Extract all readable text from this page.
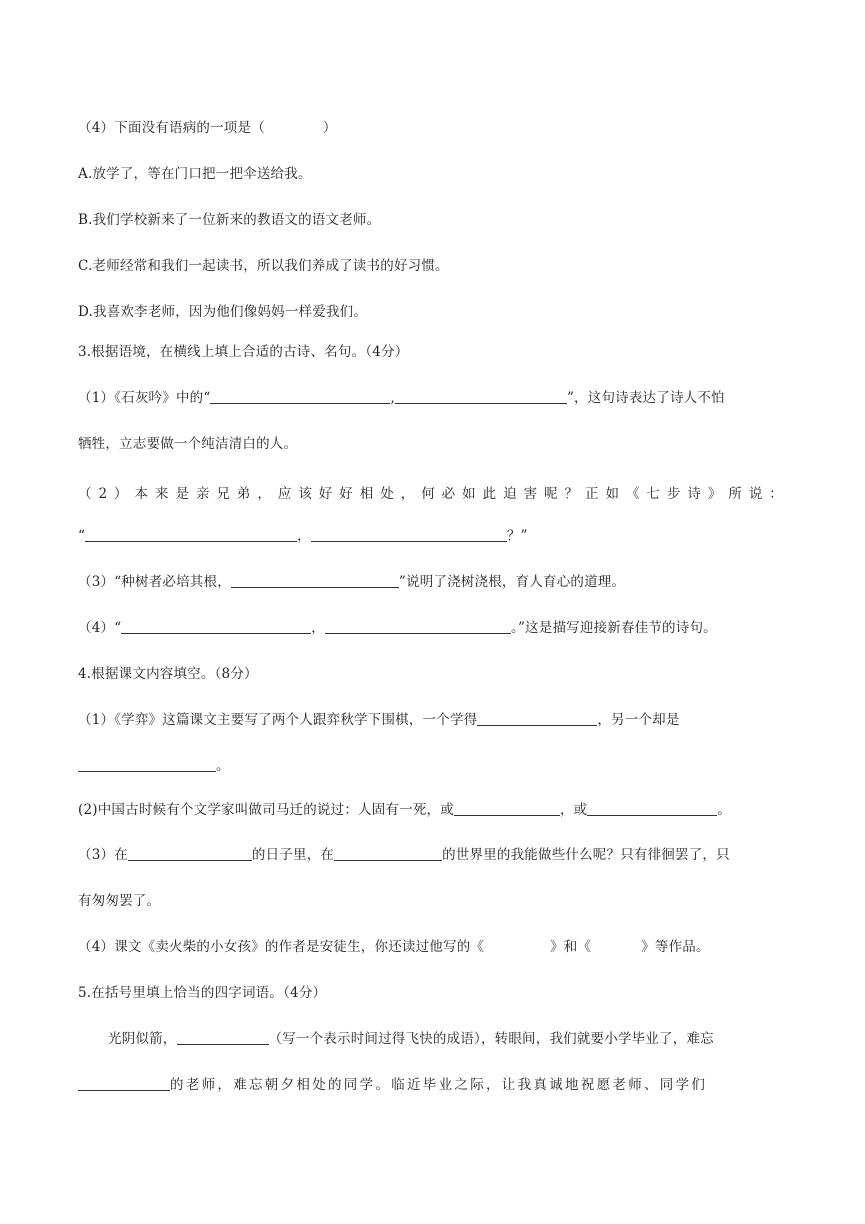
（4）下面没有语病的一项是（	）

A.放学了，等在门口把一把伞送给我。

B.我们学校新来了一位新来的教语文的语文老师。

C.老师经常和我们一起读书，所以我们养成了读书的好习惯。

D.我喜欢李老师，因为他们像妈妈一样爱我们。

3.根据语境，在横线上填上合适的古诗、名句。（4分）

（1）《石灰吟》中的“	,	”，这句诗表达了诗人不怕

牺牲，立志要做一个纯洁清白的人。

（2）本来是亲兄弟，应该好好相处，何必如此迫害呢？正如《七步诗》所说：

“	，	？”

（3）“种树者必培其根，	”说明了浇树浇根，育人育心的道理。

（4）“	，	。”这是描写迎接新春佳节的诗句。

4.根据课文内容填空。（8分）

（1）《学弈》这篇课文主要写了两个人跟弈秋学下围棋，一个学得	，另一个却是

。

(2)中国古时候有个文学家叫做司马迁的说过：人固有一死，或	，或	。

（3）在	的日子里，在	的世界里的我能做些什么呢？只有徘徊罢了，只

有匆匆罢了。

（4）课文《卖火柴的小女孩》的作者是安徒生，你还读过他写的《	》和《	》等作品。

5.在括号里填上恰当的四字词语。（4分）

光阴似箭，	（写一个表示时间过得飞快的成语），转眼间，我们就要小学毕业了，难忘

的老师，难忘朝夕相处的同学。临近毕业之际，让我真诚地祝愿老师、同学们
